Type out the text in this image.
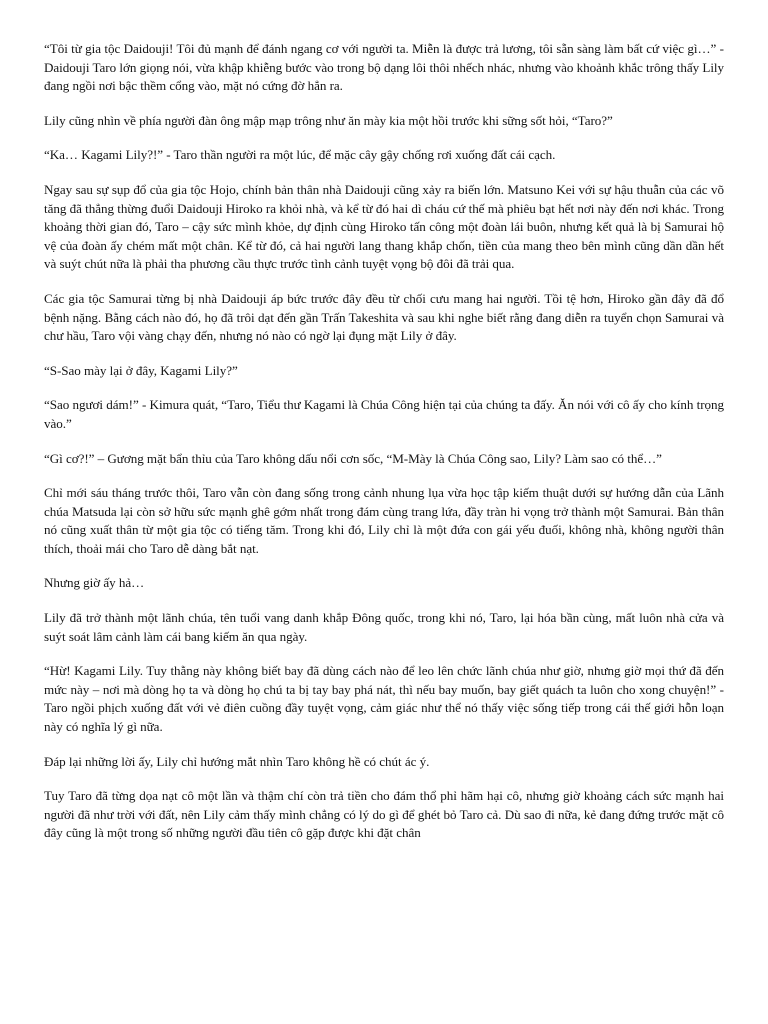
“Tôi từ gia tộc Daidouji! Tôi đủ mạnh để đánh ngang cơ với người ta. Miễn là được trả lương, tôi sẵn sàng làm bất cứ việc gì…” - Daidouji Taro lớn giọng nói, vừa khập khiễng bước vào trong bộ dạng lôi thôi nhếch nhác, nhưng vào khoảnh khắc trông thấy Lily đang ngồi nơi bậc thềm cổng vào, mặt nó cứng đờ hẳn ra.

Lily cũng nhìn về phía người đàn ông mập mạp trông như ăn mày kia một hồi trước khi sững sốt hỏi, “Taro?”

“Ka… Kagami Lily?!” - Taro thần người ra một lúc, để mặc cây gậy chống rơi xuống đất cái cạch.

Ngay sau sự sụp đổ của gia tộc Hojo, chính bản thân nhà Daidouji cũng xảy ra biến lớn. Matsuno Kei với sự hậu thuẫn của các võ tăng đã thẳng thừng đuổi Daidouji Hiroko ra khỏi nhà, và kể từ đó hai dì cháu cứ thế mà phiêu bạt hết nơi này đến nơi khác. Trong khoảng thời gian đó, Taro – cậy sức mình khỏe, dự định cùng Hiroko tấn công một đoàn lái buôn, nhưng kết quả là bị Samurai hộ vệ của đoàn ấy chém mất một chân. Kể từ đó, cả hai người lang thang khắp chốn, tiền của mang theo bên mình cũng dần dần hết và suýt chút nữa là phải tha phương cầu thực trước tình cảnh tuyệt vọng bộ đôi đã trải qua.

Các gia tộc Samurai từng bị nhà Daidouji áp bức trước đây đều từ chối cưu mang hai người. Tồi tệ hơn, Hiroko gần đây đã đổ bệnh nặng. Bằng cách nào đó, họ đã trôi dạt đến gần Trấn Takeshita và sau khi nghe biết rằng đang diễn ra tuyển chọn Samurai và chư hầu, Taro vội vàng chạy đến, nhưng nó nào có ngờ lại đụng mặt Lily ở đây.

“S-Sao mày lại ở đây, Kagami Lily?”

“Sao ngươi dám!” - Kimura quát, “Taro, Tiểu thư Kagami là Chúa Công hiện tại của chúng ta đấy. Ăn nói với cô ấy cho kính trọng vào.”

“Gì cơ?!” – Gương mặt bẩn thỉu của Taro không dấu nổi cơn sốc, “M-Mày là Chúa Công sao, Lily? Làm sao có thể…”

Chỉ mới sáu tháng trước thôi, Taro vẫn còn đang sống trong cảnh nhung lụa vừa học tập kiếm thuật dưới sự hướng dẫn của Lãnh chúa Matsuda lại còn sở hữu sức mạnh ghê gớm nhất trong đám cùng trang lứa, đầy tràn hi vọng trở thành một Samurai. Bản thân nó cũng xuất thân từ một gia tộc có tiếng tăm. Trong khi đó, Lily chỉ là một đứa con gái yếu đuối, không nhà, không người thân thích, thoải mái cho Taro dễ dàng bắt nạt.

Nhưng giờ ấy hả…

Lily đã trở thành một lãnh chúa, tên tuổi vang danh khắp Đông quốc, trong khi nó, Taro, lại hóa bần cùng, mất luôn nhà cửa và suýt soát lâm cảnh làm cái bang kiếm ăn qua ngày.

“Hừ! Kagami Lily. Tuy thằng này không biết bay đã dùng cách nào để leo lên chức lãnh chúa như giờ, nhưng giờ mọi thứ đã đến mức này – nơi mà dòng họ ta và dòng họ chú ta bị tay bay phá nát, thì nếu bay muốn, bay giết quách ta luôn cho xong chuyện!” - Taro ngồi phịch xuống đất với vẻ điên cuồng đầy tuyệt vọng, cảm giác như thể nó thấy việc sống tiếp trong cái thế giới hỗn loạn này có nghĩa lý gì nữa.

Đáp lại những lời ấy, Lily chỉ hướng mắt nhìn Taro không hề có chút ác ý.

Tuy Taro đã từng dọa nạt cô một lần và thậm chí còn trả tiền cho đám thổ phỉ hãm hại cô, nhưng giờ khoảng cách sức mạnh hai người đã như trời với đất, nên Lily cảm thấy mình chẳng có lý do gì để ghét bỏ Taro cả. Dù sao đi nữa, kẻ đang đứng trước mặt cô đây cũng là một trong số những người đầu tiên cô gặp được khi đặt chân
